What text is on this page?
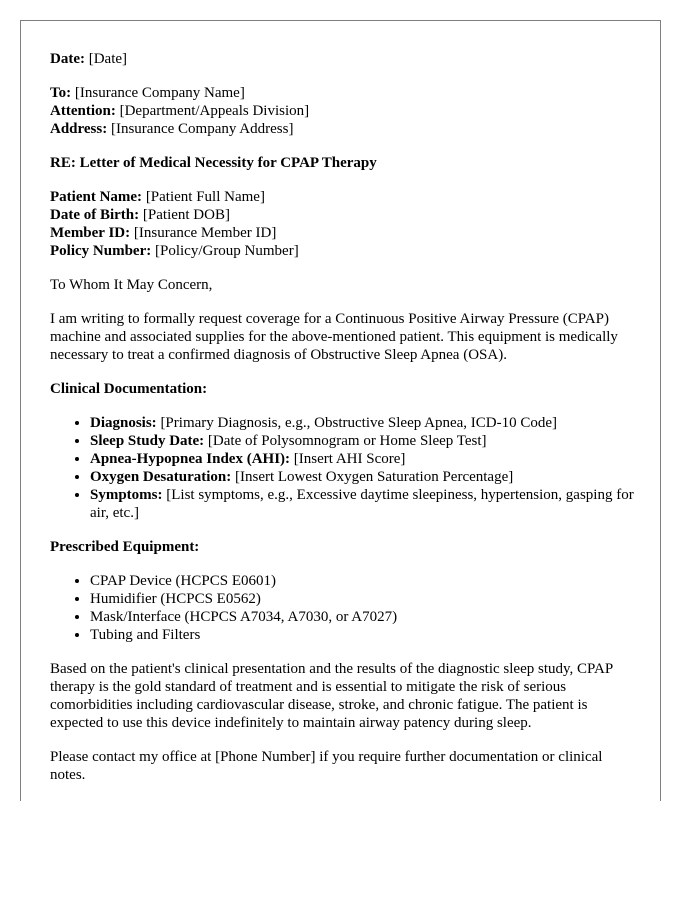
Date: [Date]
To: [Insurance Company Name]
Attention: [Department/Appeals Division]
Address: [Insurance Company Address]
RE: Letter of Medical Necessity for CPAP Therapy
Patient Name: [Patient Full Name]
Date of Birth: [Patient DOB]
Member ID: [Insurance Member ID]
Policy Number: [Policy/Group Number]
To Whom It May Concern,
I am writing to formally request coverage for a Continuous Positive Airway Pressure (CPAP) machine and associated supplies for the above-mentioned patient. This equipment is medically necessary to treat a confirmed diagnosis of Obstructive Sleep Apnea (OSA).
Clinical Documentation:
• Diagnosis: [Primary Diagnosis, e.g., Obstructive Sleep Apnea, ICD-10 Code]
• Sleep Study Date: [Date of Polysomnogram or Home Sleep Test]
• Apnea-Hypopnea Index (AHI): [Insert AHI Score]
• Oxygen Desaturation: [Insert Lowest Oxygen Saturation Percentage]
• Symptoms: [List symptoms, e.g., Excessive daytime sleepiness, hypertension, gasping for air, etc.]
Prescribed Equipment:
• CPAP Device (HCPCS E0601)
• Humidifier (HCPCS E0562)
• Mask/Interface (HCPCS A7034, A7030, or A7027)
• Tubing and Filters
Based on the patient's clinical presentation and the results of the diagnostic sleep study, CPAP therapy is the gold standard of treatment and is essential to mitigate the risk of serious comorbidities including cardiovascular disease, stroke, and chronic fatigue. The patient is expected to use this device indefinitely to maintain airway patency during sleep.
Please contact my office at [Phone Number] if you require further documentation or clinical notes.
